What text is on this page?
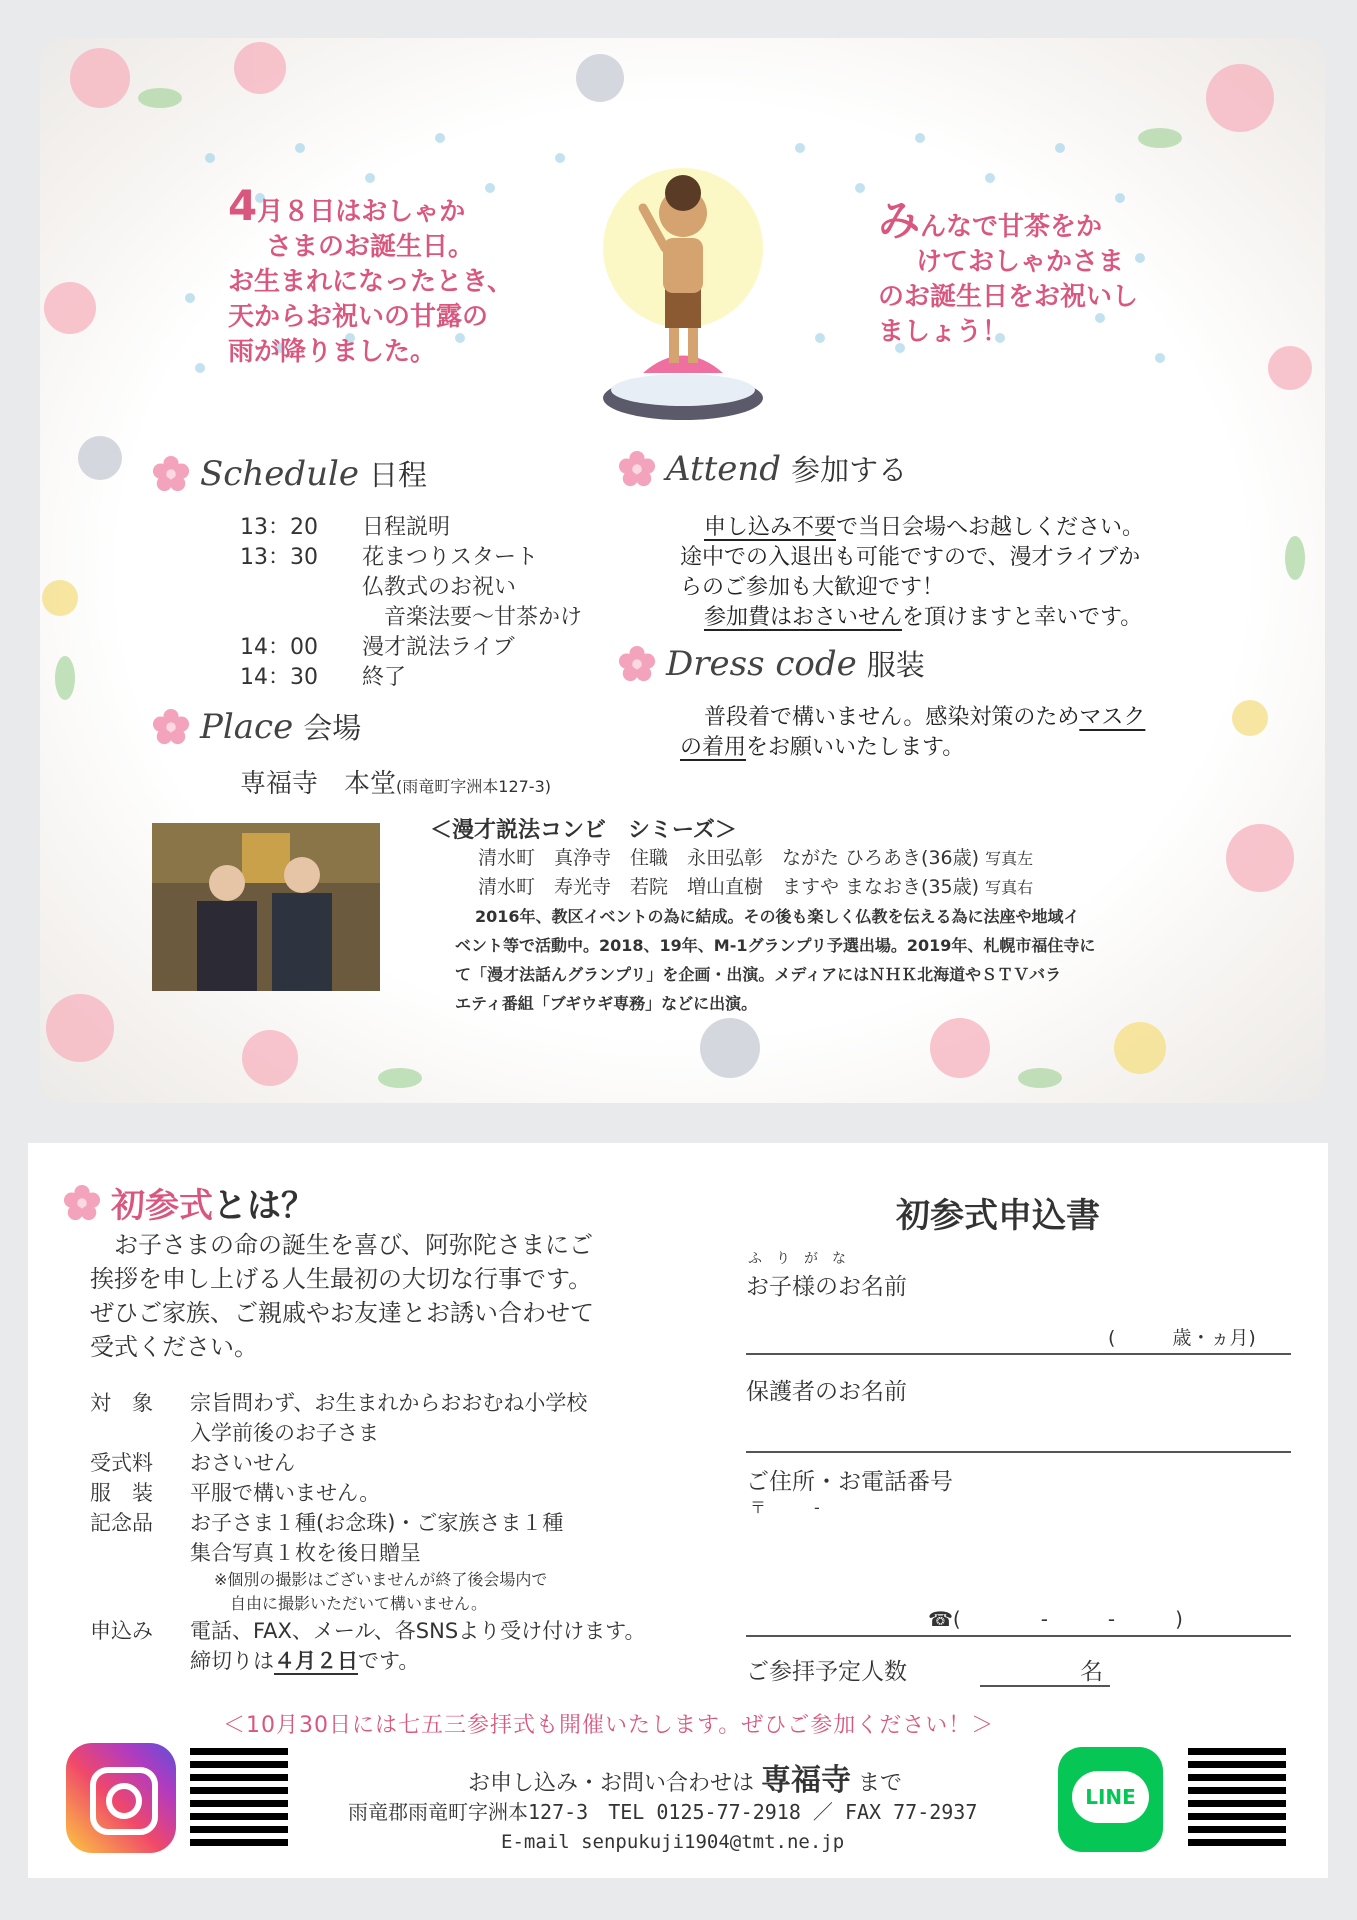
4月８日はおしゃか
さまのお誕生日。
お生まれになったとき、
天からお祝いの甘露の
雨が降りました。
みんなで甘茶をか
けておしゃかさま
のお誕生日をお祝いし
ましょう！
Schedule 日程
13：20	日程説明
13：30	花まつりスタート
仏教式のお祝い
　音楽法要～甘茶かけ
14：00	漫才説法ライブ
14：30	終了
Place 会場
専福寺　本堂(雨竜町字洲本127-3)
Attend 参加する
申し込み不要で当日会場へお越しください。
途中での入退出も可能ですので、漫才ライブか
らのご参加も大歓迎です！
参加費はおさいせんを頂けますと幸いです。
Dress code 服装
普段着で構いません。感染対策のためマスク
の着用をお願いいたします。
＜漫才説法コンビ　シミーズ＞
清水町　真浄寺　住職　永田弘彰　ながた ひろあき(36歳) 写真左
清水町　寿光寺　若院　増山直樹　ますや まなおき(35歳) 写真右
2016年、教区イベントの為に結成。その後も楽しく仏教を伝える為に法座や地域イ
ベント等で活動中。2018、19年、M-1グランプリ予選出場。2019年、札幌市福住寺に
て「漫才法話んグランプリ」を企画・出演。メディアにはＮＨＫ北海道やＳＴＶバラ
エティ番組「ブギウギ専務」などに出演。
初参式とは？
　お子さまの命の誕生を喜び、阿弥陀さまにご
挨拶を申し上げる人生最初の大切な行事です。
ぜひご家族、ご親戚やお友達とお誘い合わせて
受式ください。
対　象	宗旨問わず、お生まれからおおむね小学校
入学前後のお子さま
受式料	おさいせん
服　装	平服で構いません。
記念品	お子さま１種(お念珠)・ご家族さま１種
集合写真１枚を後日贈呈
※個別の撮影はございませんが終了後会場内で
自由に撮影いただいて構いません。
申込み	電話、FAX、メール、各SNSより受け付けます。
締切りは４月２日です。
初参式申込書
ふ　り　が　な
お子様のお名前
(　　　歳・ヵ月)
保護者のお名前
ご住所・お電話番号
〒　　　-
☎(　　　　-　　　-　　　)
ご参拝予定人数	名
＜10月30日には七五三参拝式も開催いたします。ぜひご参加ください！＞
お申し込み・お問い合わせは 専福寺 まで
雨竜郡雨竜町字洲本127-3　TEL 0125-77-2918 ／ FAX 77-2937
E-mail senpukuji1904@tmt.ne.jp
LINE
